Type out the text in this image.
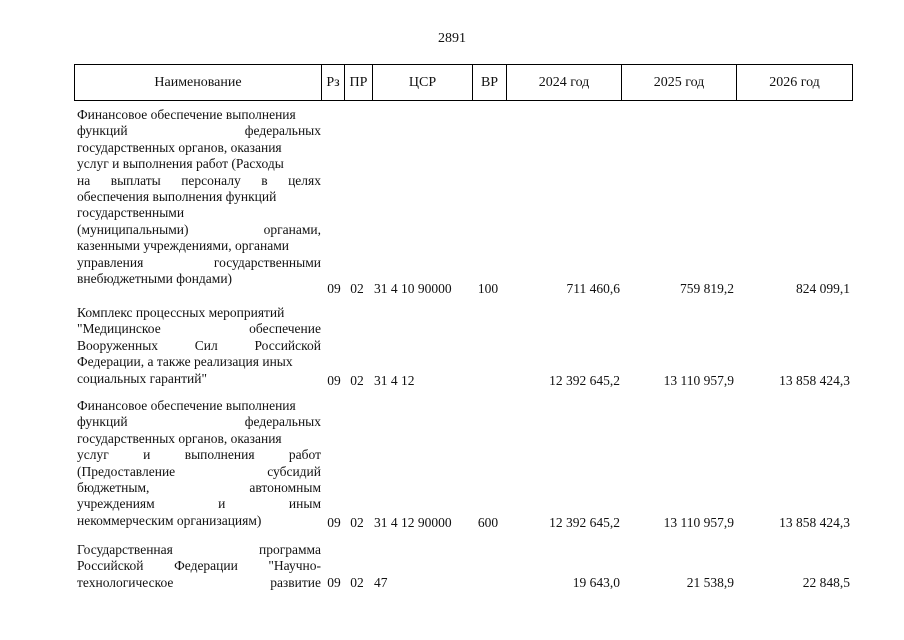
2891
Наименование	Рз ПР	ЦСР	ВР	2024 год	2025 год	2026 год
Финансовое обеспечение выполнения
функций федеральных
государственных органов, оказания
услуг и выполнения работ (Расходы
на выплаты персоналу в целях
обеспечения выполнения функций
государственными
(муниципальными) органами,
казенными учреждениями, органами
управления государственными
внебюджетными фондами)
09 02 31 4 10 90000	100	711 460,6	759 819,2	824 099,1
Комплекс процессных мероприятий
"Медицинское обеспечение
Вооруженных Сил Российской
Федерации, а также реализация иных
социальных гарантий"	09 02 31 4 12	12 392 645,2	13 110 957,9	13 858 424,3
Финансовое обеспечение выполнения
функций федеральных
государственных органов, оказания
услуг и выполнения работ
(Предоставление субсидий
бюджетным, автономным
учреждениям и иным
некоммерческим организациям)	09 02 31 4 12 90000	600	12 392 645,2	13 110 957,9	13 858 424,3
Государственная программа
Российской Федерации "Научно-
технологическое развитие 09 02 47	19 643,0	21 538,9	22 848,5
